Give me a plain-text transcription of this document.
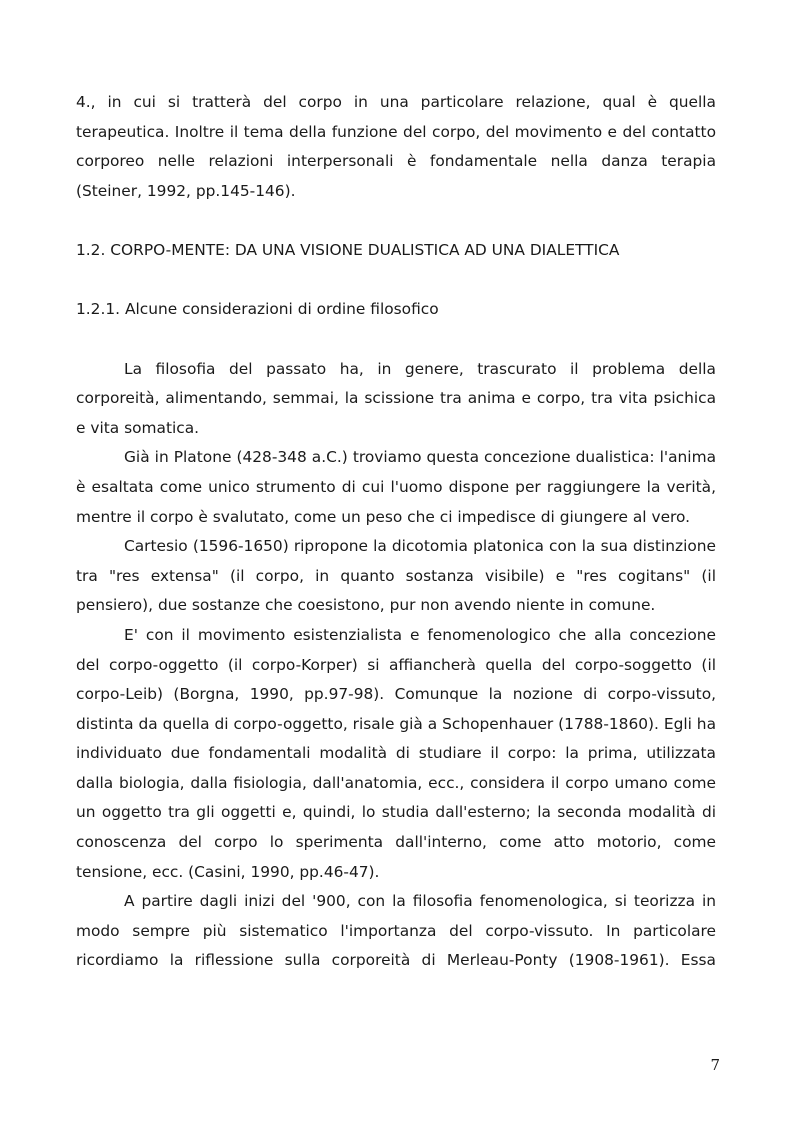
4., in cui si tratterà del corpo in una particolare relazione, qual è quella terapeutica. Inoltre il tema della funzione del corpo, del movimento e del contatto corporeo nelle relazioni interpersonali è fondamentale nella danza terapia (Steiner, 1992, pp.145-146).

1.2. CORPO-MENTE: DA UNA VISIONE DUALISTICA AD UNA DIALETTICA

1.2.1. Alcune considerazioni di ordine filosofico

La filosofia del passato ha, in genere, trascurato il problema della corporeità, alimentando, semmai, la scissione tra anima e corpo, tra vita psichica e vita somatica.

Già in Platone (428-348 a.C.) troviamo questa concezione dualistica: l'anima è esaltata come unico strumento di cui l'uomo dispone per raggiungere la verità, mentre il corpo è svalutato, come un peso che ci impedisce di giungere al vero.

Cartesio (1596-1650) ripropone la dicotomia platonica con la sua distinzione tra "res extensa" (il corpo, in quanto sostanza visibile) e "res cogitans" (il pensiero), due sostanze che coesistono, pur non avendo niente in comune.

E' con il movimento esistenzialista e fenomenologico che alla concezione del corpo-oggetto (il corpo-Korper) si affiancherà quella del corpo-soggetto (il corpo-Leib) (Borgna, 1990, pp.97-98). Comunque la nozione di corpo-vissuto, distinta da quella di corpo-oggetto, risale già a Schopenhauer (1788-1860). Egli ha individuato due fondamentali modalità di studiare il corpo: la prima, utilizzata dalla biologia, dalla fisiologia, dall'anatomia, ecc., considera il corpo umano come un oggetto tra gli oggetti e, quindi, lo studia dall'esterno; la seconda modalità di conoscenza del corpo lo sperimenta dall'interno, come atto motorio, come tensione, ecc. (Casini, 1990, pp.46-47).

A partire dagli inizi del '900, con la filosofia fenomenologica, si teorizza in modo sempre più sistematico l'importanza del corpo-vissuto. In particolare ricordiamo la riflessione sulla corporeità di Merleau-Ponty (1908-1961). Essa

7
